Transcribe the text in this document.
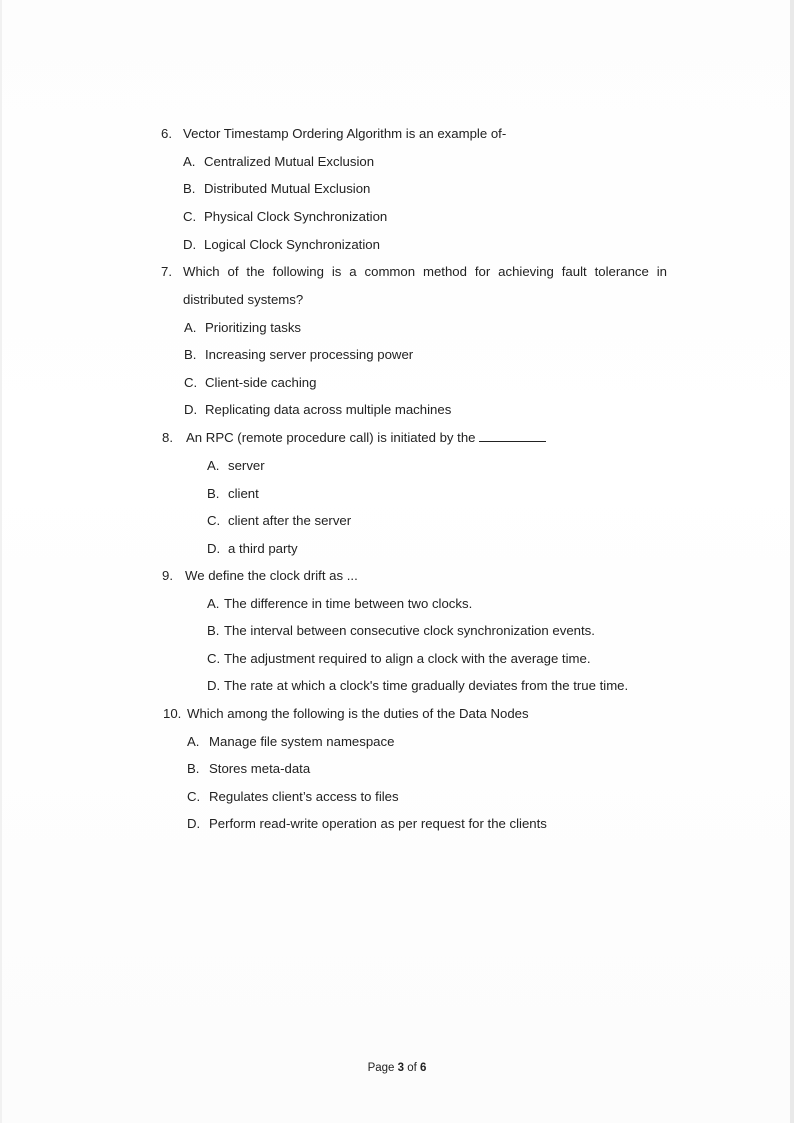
6. Vector Timestamp Ordering Algorithm is an example of-
A. Centralized Mutual Exclusion
B. Distributed Mutual Exclusion
C. Physical Clock Synchronization
D. Logical Clock Synchronization
7. Which of the following is a common method for achieving fault tolerance in
distributed systems?
A. Prioritizing tasks
B. Increasing server processing power
C. Client-side caching
D. Replicating data across multiple machines
8. An RPC (remote procedure call) is initiated by the
A. server
B. client
C. client after the server
D. a third party
9. We define the clock drift as ...
A. The difference in time between two clocks.
B. The interval between consecutive clock synchronization events.
C. The adjustment required to align a clock with the average time.
D. The rate at which a clock's time gradually deviates from the true time.
10. Which among the following is the duties of the Data Nodes
A. Manage file system namespace
B. Stores meta-data
C. Regulates client’s access to files
D. Perform read-write operation as per request for the clients
Page 3 of 6
